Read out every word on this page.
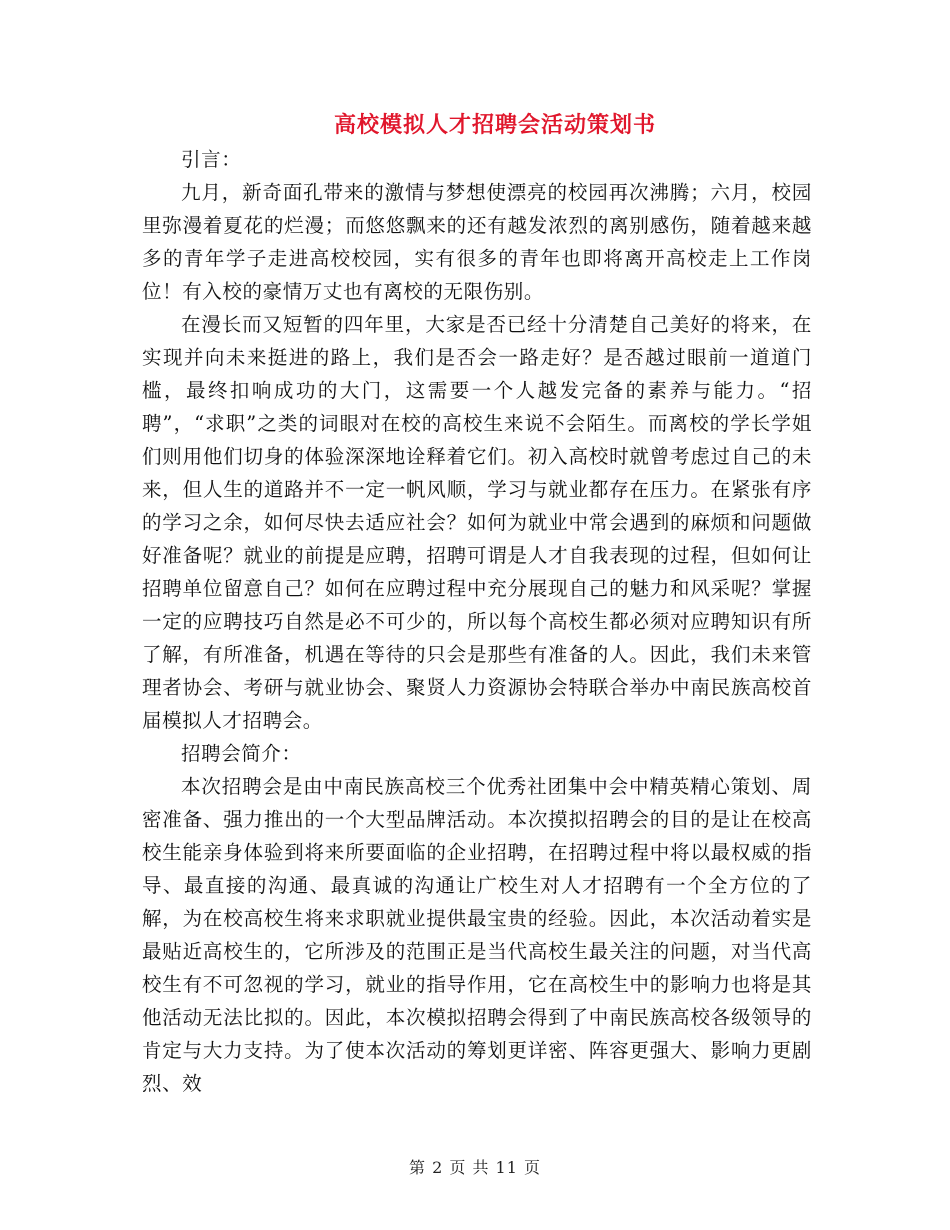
高校模拟人才招聘会活动策划书

引言：

九月，新奇面孔带来的激情与梦想使漂亮的校园再次沸腾；六月，校园里弥漫着夏花的烂漫；而悠悠飘来的还有越发浓烈的离别感伤，随着越来越多的青年学子走进高校校园，实有很多的青年也即将离开高校走上工作岗位！有入校的豪情万丈也有离校的无限伤别。

在漫长而又短暂的四年里，大家是否已经十分清楚自己美好的将来，在实现并向未来挺进的路上，我们是否会一路走好？是否越过眼前一道道门槛，最终扣响成功的大门，这需要一个人越发完备的素养与能力。“招聘”，“求职”之类的词眼对在校的高校生来说不会陌生。而离校的学长学姐们则用他们切身的体验深深地诠释着它们。初入高校时就曾考虑过自己的未来，但人生的道路并不一定一帆风顺，学习与就业都存在压力。在紧张有序的学习之余，如何尽快去适应社会？如何为就业中常会遇到的麻烦和问题做好准备呢？就业的前提是应聘，招聘可谓是人才自我表现的过程，但如何让招聘单位留意自己？如何在应聘过程中充分展现自己的魅力和风采呢？掌握一定的应聘技巧自然是必不可少的，所以每个高校生都必须对应聘知识有所了解，有所准备，机遇在等待的只会是那些有准备的人。因此，我们未来管理者协会、考研与就业协会、聚贤人力资源协会特联合举办中南民族高校首届模拟人才招聘会。

招聘会简介：

本次招聘会是由中南民族高校三个优秀社团集中会中精英精心策划、周密准备、强力推出的一个大型品牌活动。本次摸拟招聘会的目的是让在校高校生能亲身体验到将来所要面临的企业招聘，在招聘过程中将以最权威的指导、最直接的沟通、最真诚的沟通让广校生对人才招聘有一个全方位的了解，为在校高校生将来求职就业提供最宝贵的经验。因此，本次活动着实是最贴近高校生的，它所涉及的范围正是当代高校生最关注的问题，对当代高校生有不可忽视的学习，就业的指导作用，它在高校生中的影响力也将是其他活动无法比拟的。因此，本次模拟招聘会得到了中南民族高校各级领导的肯定与大力支持。为了使本次活动的筹划更详密、阵容更强大、影响力更剧烈、效

第 2 页 共 11 页
